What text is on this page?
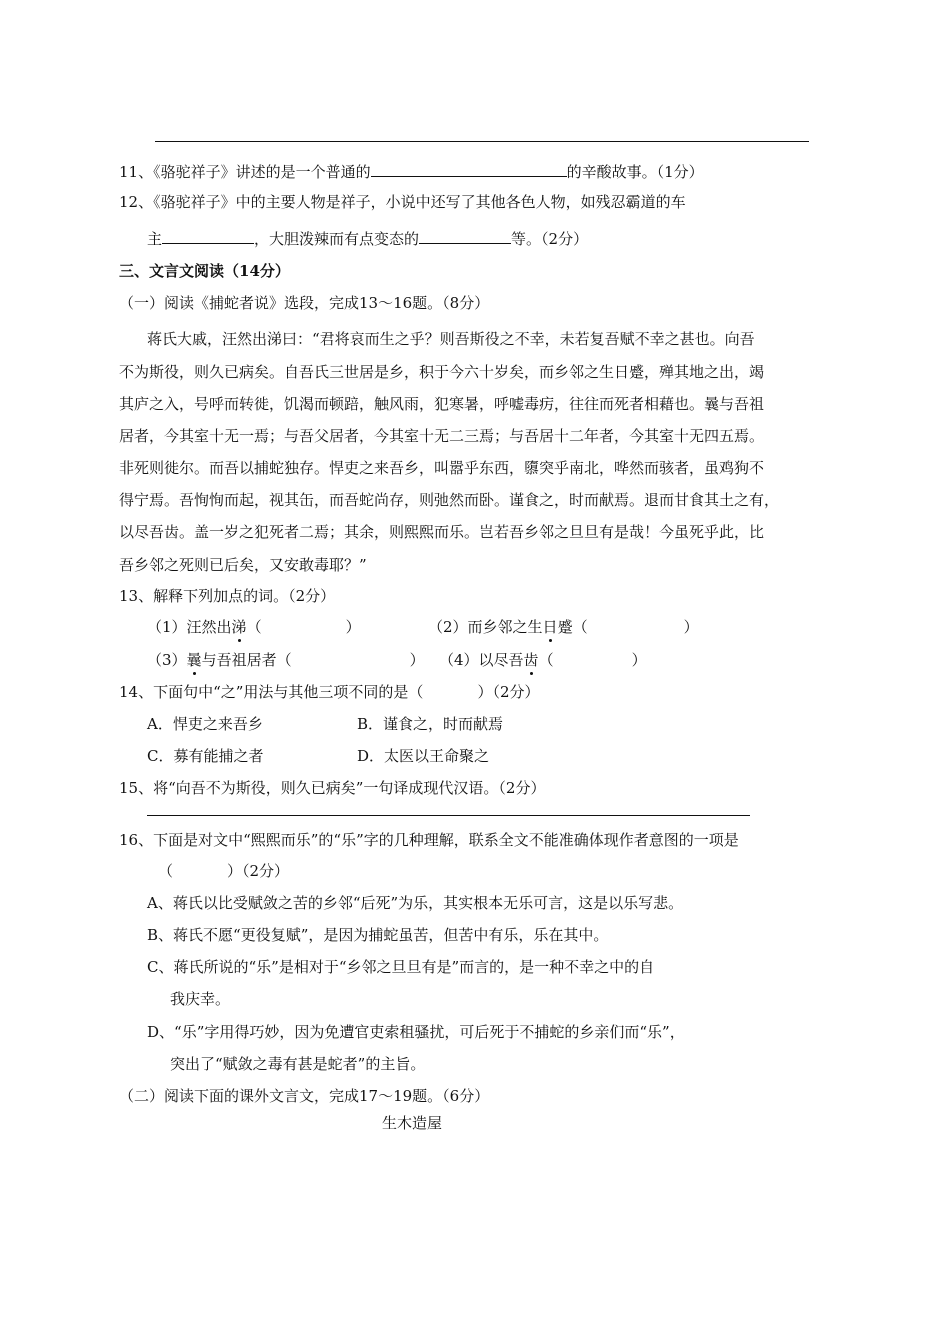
11、《骆驼祥子》讲述的是一个普通的	的辛酸故事。（1分）
12、《骆驼祥子》中的主要人物是祥子，小说中还写了其他各色人物，如残忍霸道的车
主	，大胆泼辣而有点变态的	等。（2分）
三、文言文阅读（14分）
（一）阅读《捕蛇者说》选段，完成13～16题。（8分）
蒋氏大戚，汪然出涕曰：“君将哀而生之乎？则吾斯役之不幸，未若复吾赋不幸之甚也。向吾
不为斯役，则久已病矣。自吾氏三世居是乡，积于今六十岁矣，而乡邻之生日蹙，殚其地之出，竭
其庐之入，号呼而转徙，饥渴而顿踣，触风雨，犯寒暑，呼嘘毒疠，往往而死者相藉也。曩与吾祖
居者，今其室十无一焉；与吾父居者，今其室十无二三焉；与吾居十二年者，今其室十无四五焉。
非死则徙尔。而吾以捕蛇独存。悍吏之来吾乡，叫嚣乎东西，隳突乎南北，哗然而骇者，虽鸡狗不
得宁焉。吾恂恂而起，视其缶，而吾蛇尚存，则弛然而卧。谨食之，时而献焉。退而甘食其土之有，
以尽吾齿。盖一岁之犯死者二焉；其余，则熙熙而乐。岂若吾乡邻之旦旦有是哉！今虽死乎此，比
吾乡邻之死则已后矣，又安敢毒耶？”
13、解释下列加点的词。（2分）
（1）汪然出涕（	）	（2）而乡邻之生日蹙（	）
（3）曩与吾祖居者（	） （4）以尽吾齿（	）
14、下面句中“之”用法与其他三项不同的是（	）（2分）
A．悍吏之来吾乡	B．谨食之，时而献焉
C．募有能捕之者	D．太医以王命聚之
15、将“向吾不为斯役，则久已病矣”一句译成现代汉语。（2分）
16、下面是对文中“熙熙而乐”的“乐”字的几种理解，联系全文不能准确体现作者意图的一项是
（	）（2分）
A、蒋氏以比受赋敛之苦的乡邻“后死”为乐，其实根本无乐可言，这是以乐写悲。
B、蒋氏不愿“更役复赋”，是因为捕蛇虽苦，但苦中有乐，乐在其中。
C、蒋氏所说的“乐”是相对于“乡邻之旦旦有是”而言的，是一种不幸之中的自
我庆幸。
D、“乐”字用得巧妙，因为免遭官吏索租骚扰，可后死于不捕蛇的乡亲们而“乐”，
突出了“赋敛之毒有甚是蛇者”的主旨。
（二）阅读下面的课外文言文，完成17～19题。（6分）
生木造屋
